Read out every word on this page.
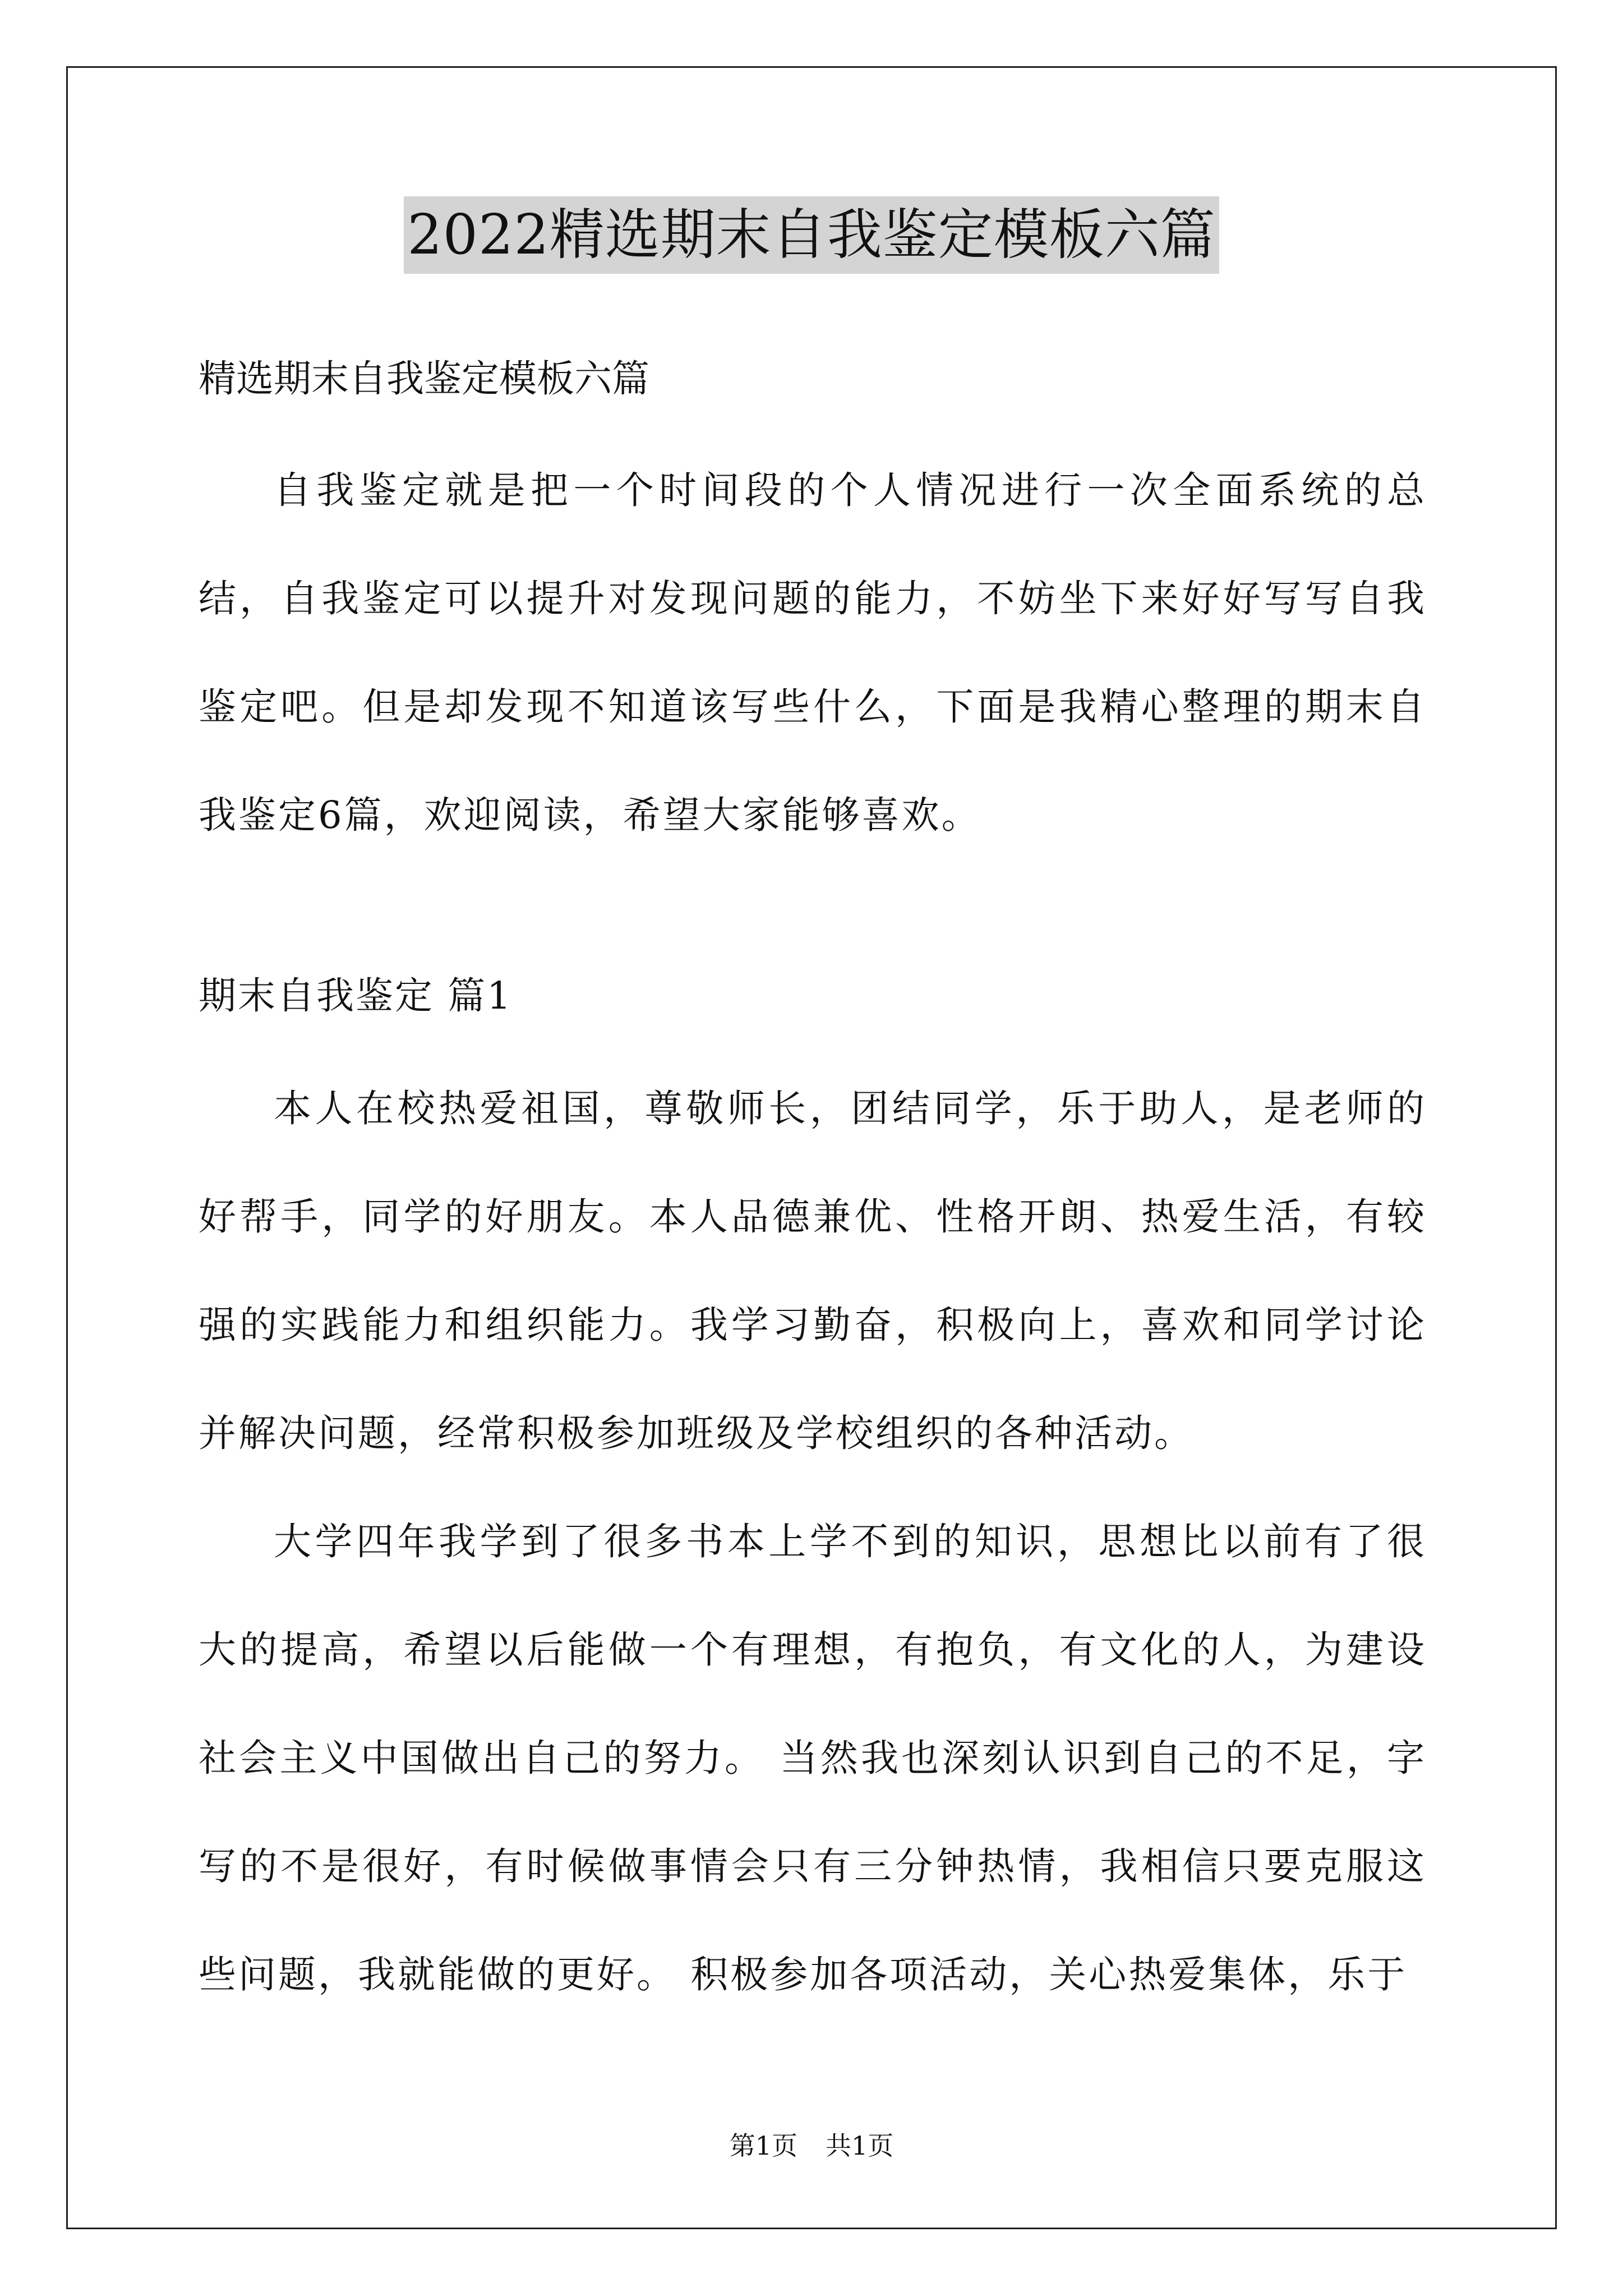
2022精选期末自我鉴定模板六篇

精选期末自我鉴定模板六篇

自我鉴定就是把一个时间段的个人情况进行一次全面系统的总结，自我鉴定可以提升对发现问题的能力，不妨坐下来好好写写自我鉴定吧。但是却发现不知道该写些什么，下面是我精心整理的期末自我鉴定6篇，欢迎阅读，希望大家能够喜欢。

期末自我鉴定 篇1

本人在校热爱祖国，尊敬师长，团结同学，乐于助人，是老师的好帮手，同学的好朋友。本人品德兼优、性格开朗、热爱生活，有较强的实践能力和组织能力。我学习勤奋，积极向上，喜欢和同学讨论并解决问题，经常积极参加班级及学校组织的各种活动。

大学四年我学到了很多书本上学不到的知识，思想比以前有了很大的提高，希望以后能做一个有理想，有抱负，有文化的人，为建设社会主义中国做出自己的努力。 当然我也深刻认识到自己的不足，字写的不是很好，有时候做事情会只有三分钟热情，我相信只要克服这些问题，我就能做的更好。 积极参加各项活动，关心热爱集体，乐于

第1页 共1页
